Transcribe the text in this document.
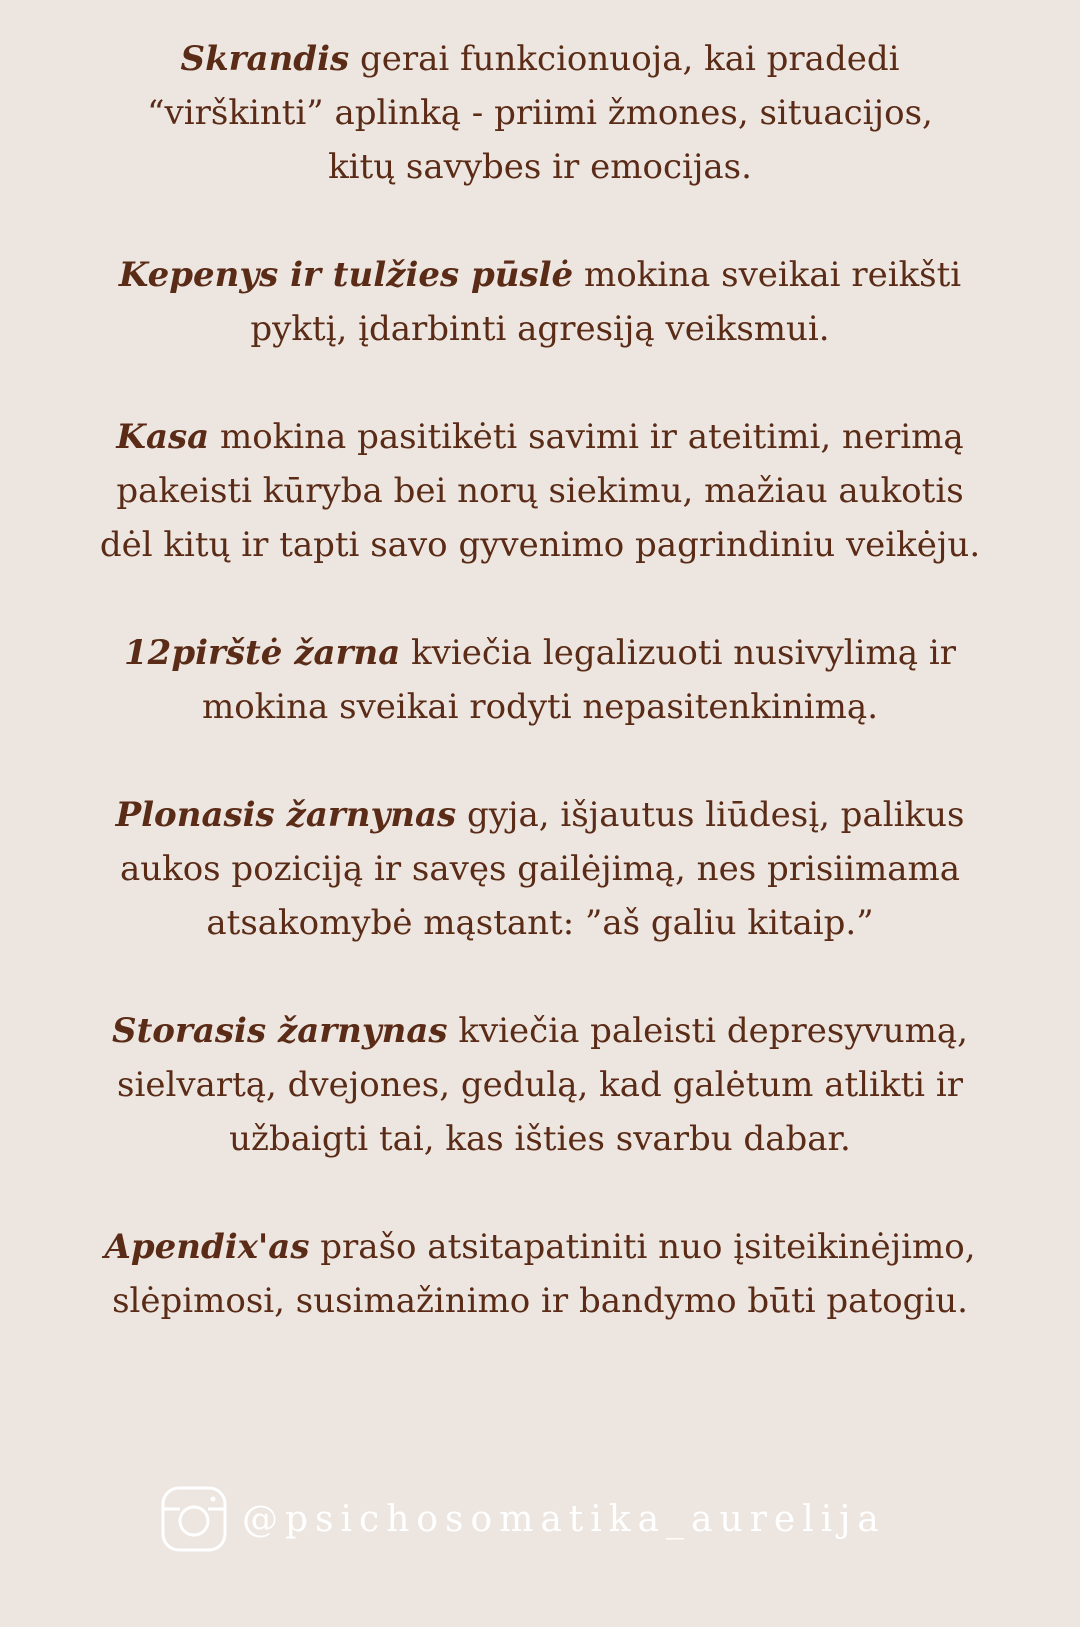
Skrandis gerai funkcionuoja, kai pradedi
“virškinti” aplinką - priimi žmones, situacijos,
kitų savybes ir emocijas.

Kepenys ir tulžies pūslė mokina sveikai reikšti
pyktį, įdarbinti agresiją veiksmui.

Kasa mokina pasitikėti savimi ir ateitimi, nerimą
pakeisti kūryba bei norų siekimu, mažiau aukotis
dėl kitų ir tapti savo gyvenimo pagrindiniu veikėju.

12pirštė žarna kviečia legalizuoti nusivylimą ir
mokina sveikai rodyti nepasitenkinimą.

Plonasis žarnynas gyja, išjautus liūdesį, palikus
aukos poziciją ir savęs gailėjimą, nes prisiimama
atsakomybė mąstant: ”aš galiu kitaip.”

Storasis žarnynas kviečia paleisti depresyvumą,
sielvartą, dvejones, gedulą, kad galėtum atlikti ir
užbaigti tai, kas išties svarbu dabar.

Apendix'as prašo atsitapatiniti nuo įsiteikinėjimo,
slėpimosi, susimažinimo ir bandymo būti patogiu.

@psichosomatika_aurelija
